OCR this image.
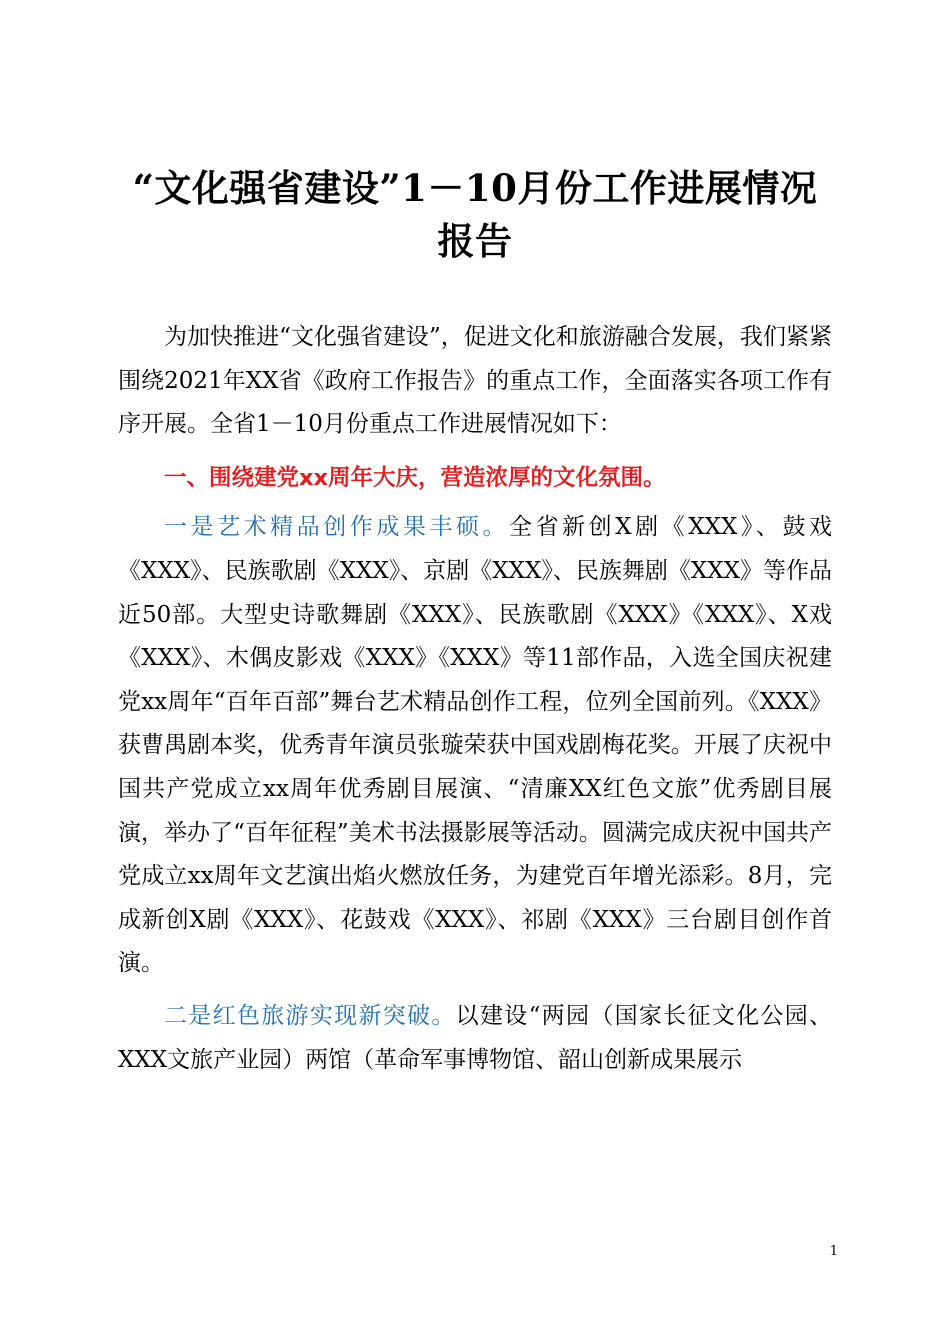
“文化强省建设”1－10月份工作进展情况报告

为加快推进“文化强省建设”，促进文化和旅游融合发展，我们紧紧围绕2021年XX省《政府工作报告》的重点工作，全面落实各项工作有序开展。全省1－10月份重点工作进展情况如下：

一、围绕建党xx周年大庆，营造浓厚的文化氛围。

一是艺术精品创作成果丰硕。全省新创X剧《XXX》、鼓戏《XXX》、民族歌剧《XXX》、京剧《XXX》、民族舞剧《XXX》等作品近50部。大型史诗歌舞剧《XXX》、民族歌剧《XXX》《XXX》、X戏《XXX》、木偶皮影戏《XXX》《XXX》等11部作品，入选全国庆祝建党xx周年“百年百部”舞台艺术精品创作工程，位列全国前列。《XXX》获曹禺剧本奖，优秀青年演员张璇荣获中国戏剧梅花奖。开展了庆祝中国共产党成立xx周年优秀剧目展演、“清廉XX红色文旅”优秀剧目展演，举办了“百年征程”美术书法摄影展等活动。圆满完成庆祝中国共产党成立xx周年文艺演出焰火燃放任务，为建党百年增光添彩。8月，完成新创X剧《XXX》、花鼓戏《XXX》、祁剧《XXX》三台剧目创作首演。

二是红色旅游实现新突破。以建设“两园（国家长征文化公园、XXX文旅产业园）两馆（革命军事博物馆、韶山创新成果展示

1
